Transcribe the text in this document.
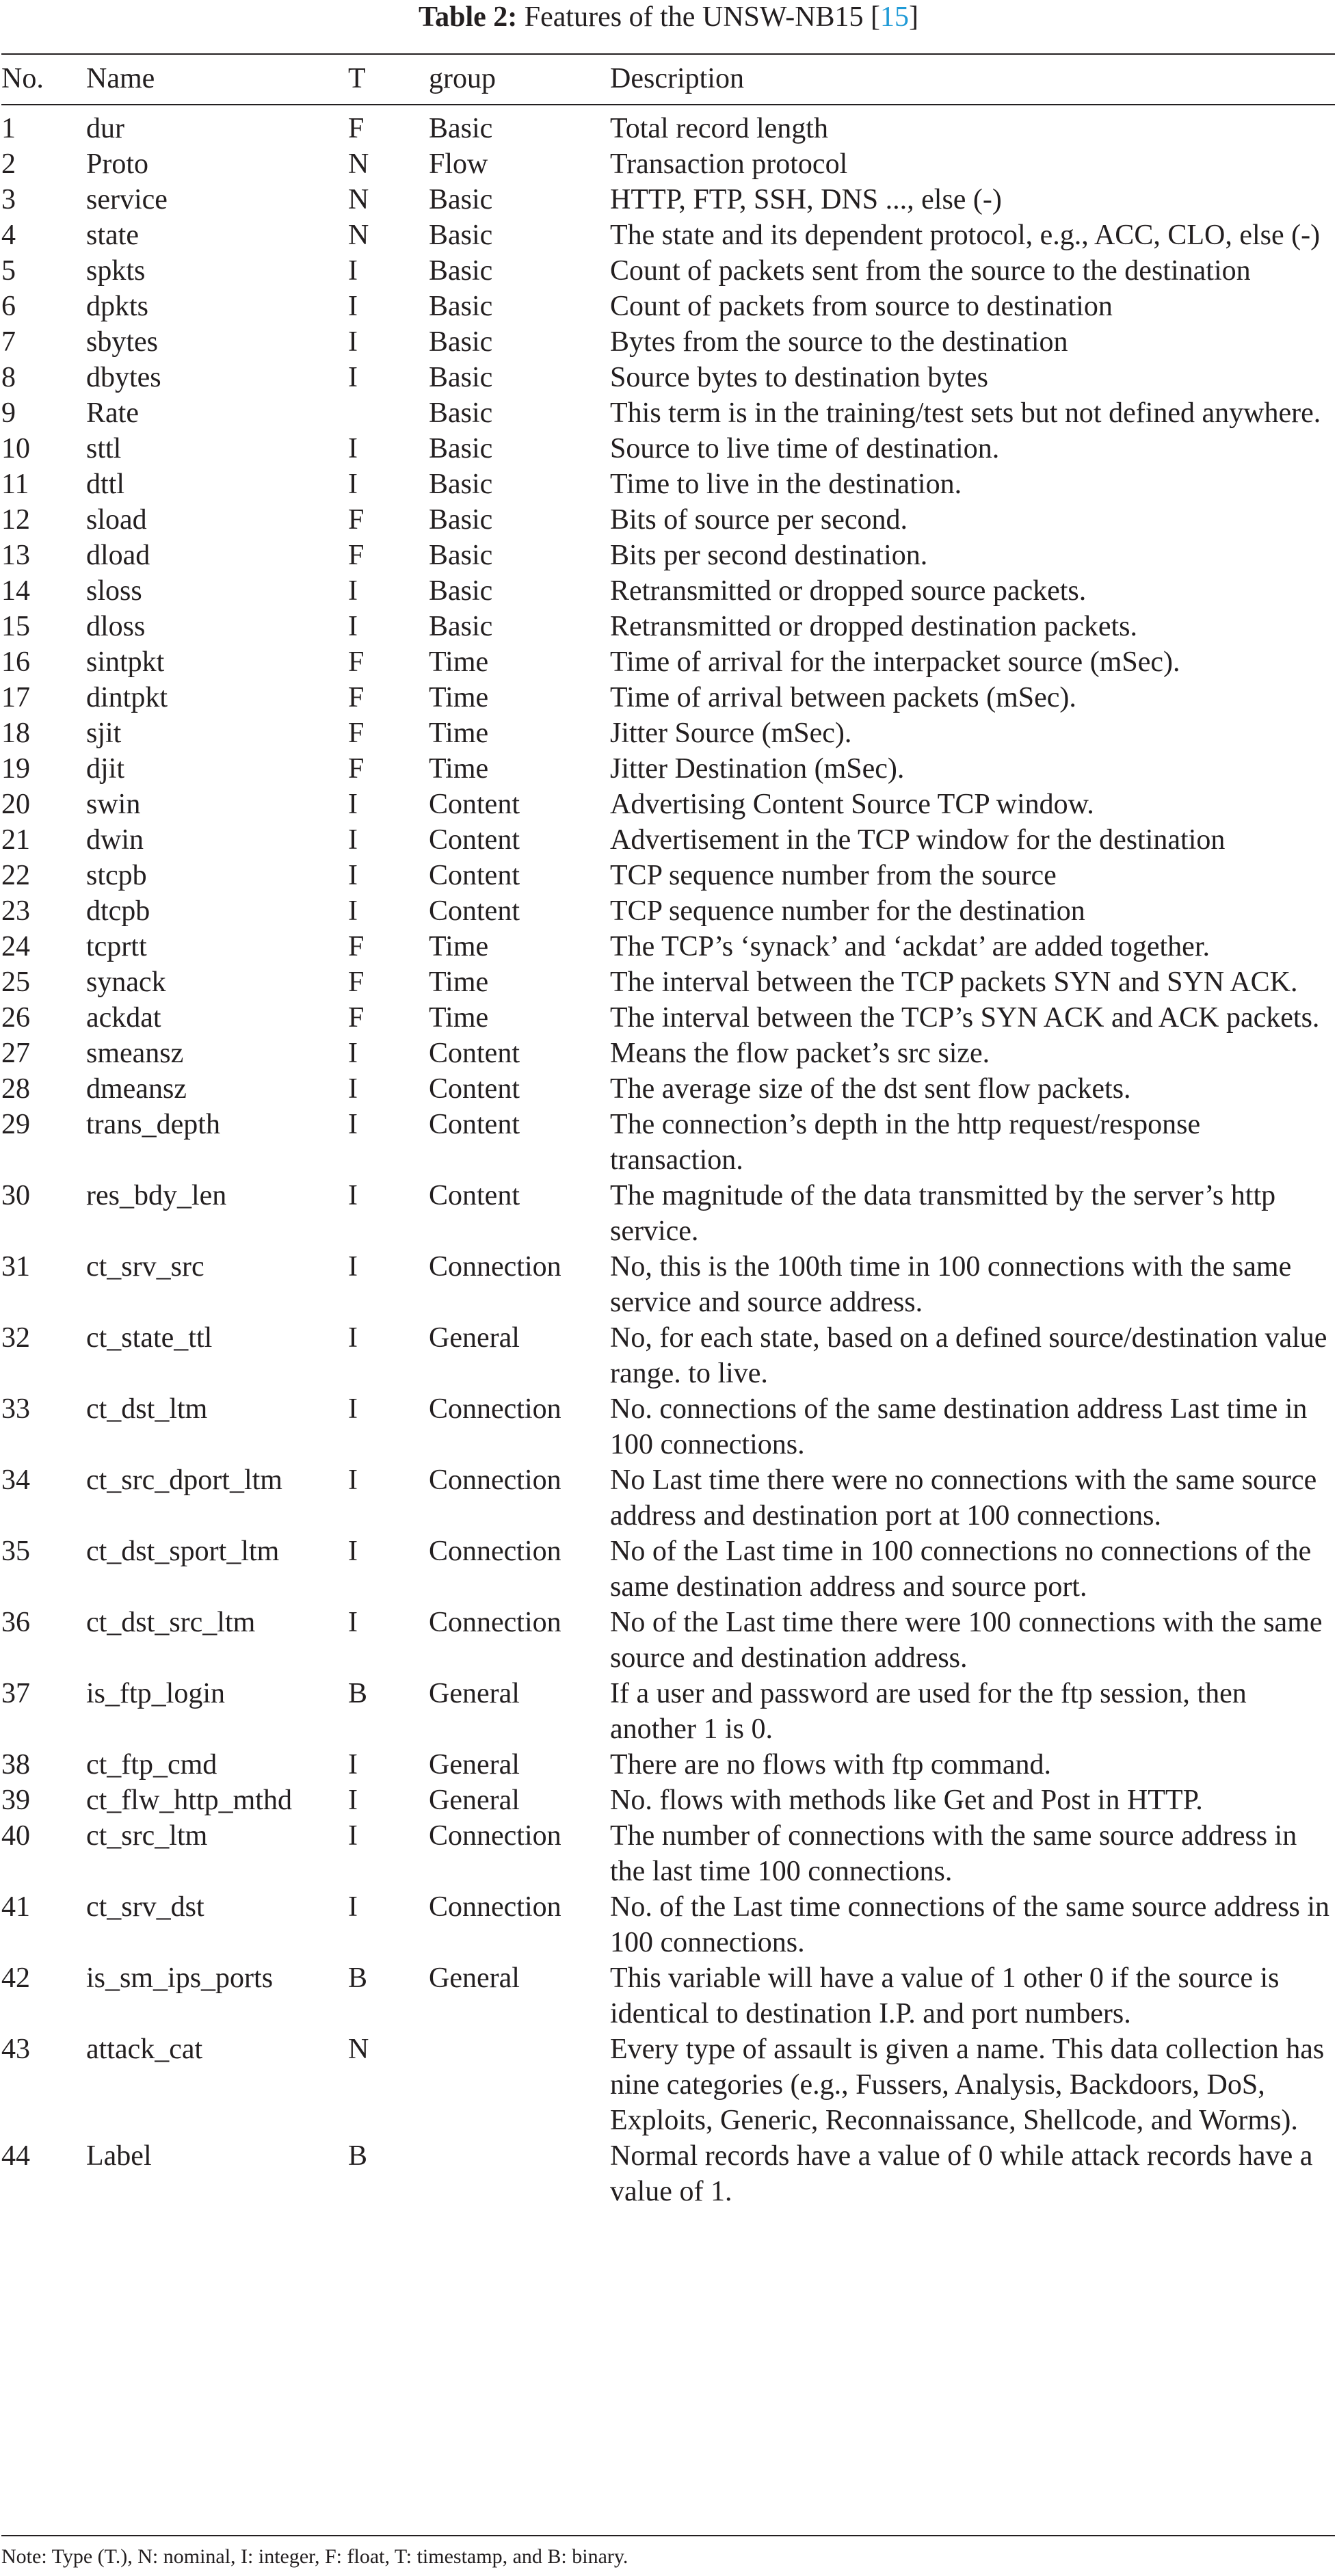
Table 2: Features of the UNSW-NB15 [15]
No.	Name	T	group	Description
1	dur	F	Basic	Total record length
2	Proto	N	Flow	Transaction protocol
3	service	N	Basic	HTTP, FTP, SSH, DNS ..., else (-)
4	state	N	Basic	The state and its dependent protocol, e.g., ACC, CLO, else (-)
5	spkts	I	Basic	Count of packets sent from the source to the destination
6	dpkts	I	Basic	Count of packets from source to destination
7	sbytes	I	Basic	Bytes from the source to the destination
8	dbytes	I	Basic	Source bytes to destination bytes
9	Rate		Basic	This term is in the training/test sets but not defined anywhere.
10	sttl	I	Basic	Source to live time of destination.
11	dttl	I	Basic	Time to live in the destination.
12	sload	F	Basic	Bits of source per second.
13	dload	F	Basic	Bits per second destination.
14	sloss	I	Basic	Retransmitted or dropped source packets.
15	dloss	I	Basic	Retransmitted or dropped destination packets.
16	sintpkt	F	Time	Time of arrival for the interpacket source (mSec).
17	dintpkt	F	Time	Time of arrival between packets (mSec).
18	sjit	F	Time	Jitter Source (mSec).
19	djit	F	Time	Jitter Destination (mSec).
20	swin	I	Content	Advertising Content Source TCP window.
21	dwin	I	Content	Advertisement in the TCP window for the destination
22	stcpb	I	Content	TCP sequence number from the source
23	dtcpb	I	Content	TCP sequence number for the destination
24	tcprtt	F	Time	The TCP’s ‘synack’ and ‘ackdat’ are added together.
25	synack	F	Time	The interval between the TCP packets SYN and SYN ACK.
26	ackdat	F	Time	The interval between the TCP’s SYN ACK and ACK packets.
27	smeansz	I	Content	Means the flow packet’s src size.
28	dmeansz	I	Content	The average size of the dst sent flow packets.
29	trans_depth	I	Content	The connection’s depth in the http request/response transaction.
30	res_bdy_len	I	Content	The magnitude of the data transmitted by the server’s http service.
31	ct_srv_src	I	Connection	No, this is the 100th time in 100 connections with the same service and source address.
32	ct_state_ttl	I	General	No, for each state, based on a defined source/destination value range. to live.
33	ct_dst_ltm	I	Connection	No. connections of the same destination address Last time in 100 connections.
34	ct_src_dport_ltm	I	Connection	No Last time there were no connections with the same source address and destination port at 100 connections.
35	ct_dst_sport_ltm	I	Connection	No of the Last time in 100 connections no connections of the same destination address and source port.
36	ct_dst_src_ltm	I	Connection	No of the Last time there were 100 connections with the same source and destination address.
37	is_ftp_login	B	General	If a user and password are used for the ftp session, then another 1 is 0.
38	ct_ftp_cmd	I	General	There are no flows with ftp command.
39	ct_flw_http_mthd	I	General	No. flows with methods like Get and Post in HTTP.
40	ct_src_ltm	I	Connection	The number of connections with the same source address in the last time 100 connections.
41	ct_srv_dst	I	Connection	No. of the Last time connections of the same source address in 100 connections.
42	is_sm_ips_ports	B	General	This variable will have a value of 1 other 0 if the source is identical to destination I.P. and port numbers.
43	attack_cat	N		Every type of assault is given a name. This data collection has nine categories (e.g., Fussers, Analysis, Backdoors, DoS, Exploits, Generic, Reconnaissance, Shellcode, and Worms).
44	Label	B		Normal records have a value of 0 while attack records have a value of 1.
Note: Type (T.), N: nominal, I: integer, F: float, T: timestamp, and B: binary.
